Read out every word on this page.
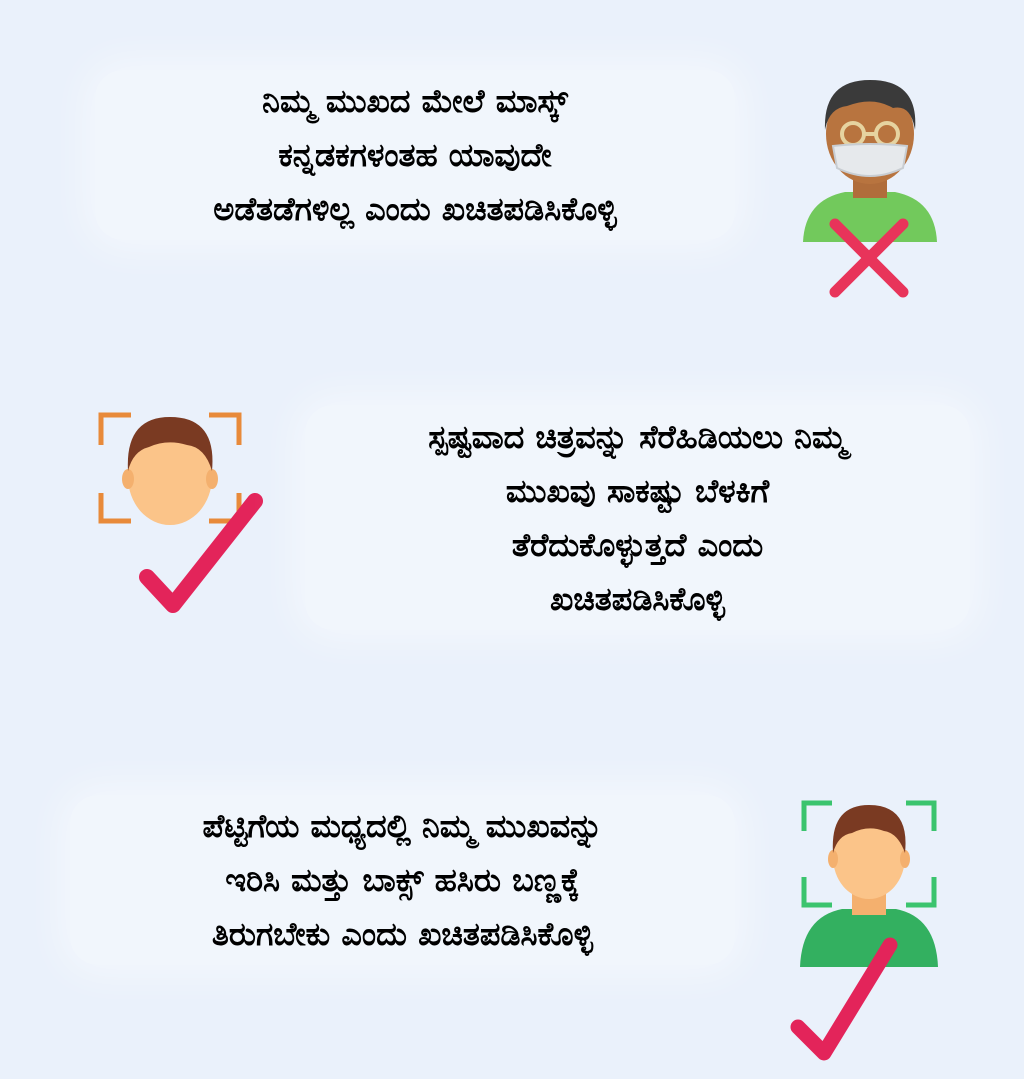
ನಿಮ್ಮ ಮುಖದ ಮೇಲೆ ಮಾಸ್ಕ್
ಕನ್ನಡಕಗಳಂತಹ ಯಾವುದೇ
ಅಡೆತಡೆಗಳಿಲ್ಲ ಎಂದು ಖಚಿತಪಡಿಸಿಕೊಳ್ಳಿ
ಸ್ಪಷ್ಟವಾದ ಚಿತ್ರವನ್ನು ಸೆರೆಹಿಡಿಯಲು ನಿಮ್ಮ
ಮುಖವು ಸಾಕಷ್ಟು ಬೆಳಕಿಗೆ
ತೆರೆದುಕೊಳ್ಳುತ್ತದೆ ಎಂದು
ಖಚಿತಪಡಿಸಿಕೊಳ್ಳಿ
ಪೆಟ್ಟಿಗೆಯ ಮಧ್ಯದಲ್ಲಿ ನಿಮ್ಮ ಮುಖವನ್ನು
ಇರಿಸಿ ಮತ್ತು ಬಾಕ್ಸ್ ಹಸಿರು ಬಣ್ಣಕ್ಕೆ
ತಿರುಗಬೇಕು ಎಂದು ಖಚಿತಪಡಿಸಿಕೊಳ್ಳಿ
